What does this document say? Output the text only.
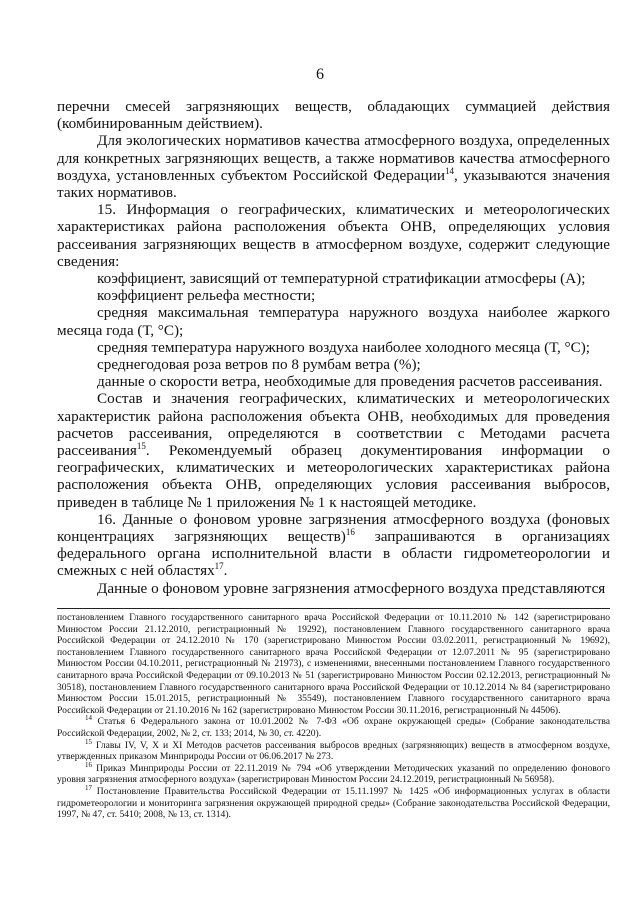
6

перечни смесей загрязняющих веществ, обладающих суммацией действия (комбинированным действием).

Для экологических нормативов качества атмосферного воздуха, определенных для конкретных загрязняющих веществ, а также нормативов качества атмосферного воздуха, установленных субъектом Российской Федерации$^{14}$, указываются значения таких нормативов.

15. Информация о географических, климатических и метеорологических характеристиках района расположения объекта ОНВ, определяющих условия рассеивания загрязняющих веществ в атмосферном воздухе, содержит следующие сведения:

коэффициент, зависящий от температурной стратификации атмосферы (А);

коэффициент рельефа местности;

средняя максимальная температура наружного воздуха наиболее жаркого месяца года (Т, °С);

средняя температура наружного воздуха наиболее холодного месяца (Т, °С);

среднегодовая роза ветров по 8 румбам ветра (%);

данные о скорости ветра, необходимые для проведения расчетов рассеивания.

Состав и значения географических, климатических и метеорологических характеристик района расположения объекта ОНВ, необходимых для проведения расчетов рассеивания, определяются в соответствии с Методами расчета рассеивания$^{15}$. Рекомендуемый образец документирования информации о географических, климатических и метеорологических характеристиках района расположения объекта ОНВ, определяющих условия рассеивания выбросов, приведен в таблице № 1 приложения № 1 к настоящей методике.

16. Данные о фоновом уровне загрязнения атмосферного воздуха (фоновых концентрациях загрязняющих веществ)$^{16}$ запрашиваются в организациях федерального органа исполнительной власти в области гидрометеорологии и смежных с ней областях$^{17}$.

Данные о фоновом уровне загрязнения атмосферного воздуха представляются

постановлением Главного государственного санитарного врача Российской Федерации от 10.11.2010 № 142 (зарегистрировано Минюстом России 21.12.2010, регистрационный № 19292), постановлением Главного государственного санитарного врача Российской Федерации от 24.12.2010 № 170 (зарегистрировано Минюстом России 03.02.2011, регистрационный № 19692), постановлением Главного государственного санитарного врача Российской Федерации от 12.07.2011 № 95 (зарегистрировано Минюстом России 04.10.2011, регистрационный № 21973), с изменениями, внесенными постановлением Главного государственного санитарного врача Российской Федерации от 09.10.2013 № 51 (зарегистрировано Минюстом России 02.12.2013, регистрационный № 30518), постановлением Главного государственного санитарного врача Российской Федерации от 10.12.2014 № 84 (зарегистрировано Минюстом России 15.01.2015, регистрационный № 35549), постановлением Главного государственного санитарного врача Российской Федерации от 21.10.2016 № 162 (зарегистрировано Минюстом России 30.11.2016, регистрационный № 44506).

$^{14}$ Статья 6 Федерального закона от 10.01.2002 № 7-ФЗ «Об охране окружающей среды» (Собрание законодательства Российской Федерации, 2002, № 2, ст. 133; 2014, № 30, ст. 4220).

$^{15}$ Главы IV, V, X и XI Методов расчетов рассеивания выбросов вредных (загрязняющих) веществ в атмосферном воздухе, утвержденных приказом Минприроды России от 06.06.2017 № 273.

$^{16}$ Приказ Минприроды России от 22.11.2019 № 794 «Об утверждении Методических указаний по определению фонового уровня загрязнения атмосферного воздуха» (зарегистрирован Минюстом России 24.12.2019, регистрационный № 56958).

$^{17}$ Постановление Правительства Российской Федерации от 15.11.1997 № 1425 «Об информационных услугах в области гидрометеорологии и мониторинга загрязнения окружающей природной среды» (Собрание законодательства Российской Федерации, 1997, № 47, ст. 5410; 2008, № 13, ст. 1314).
